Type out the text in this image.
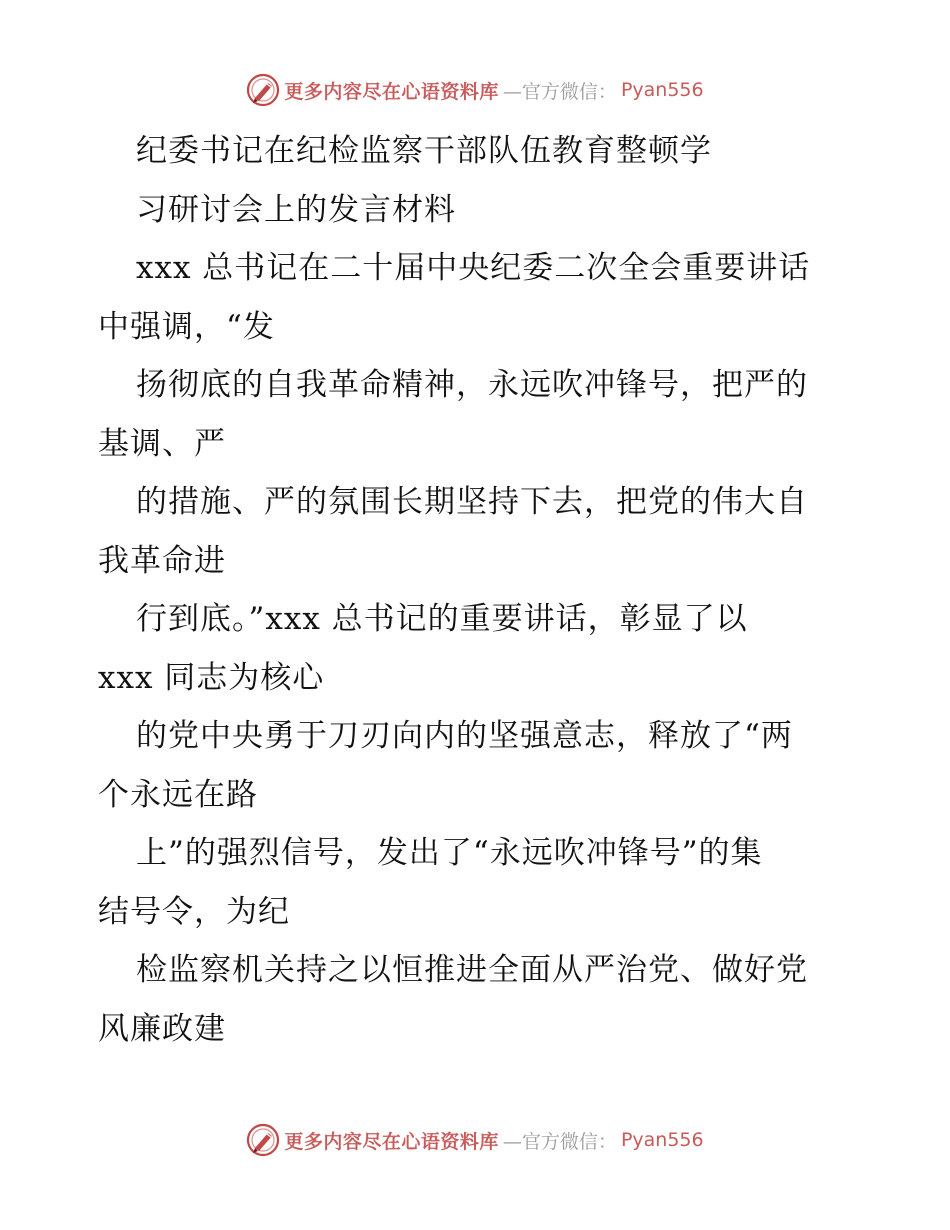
更多内容尽在心语资料库 —官方微信： Pyan556
纪委书记在纪检监察干部队伍教育整顿学
习研讨会上的发言材料
xxx 总书记在二十届中央纪委二次全会重要讲话
中强调，“发
扬彻底的自我革命精神，永远吹冲锋号，把严的
基调、严
的措施、严的氛围长期坚持下去，把党的伟大自
我革命进
行到底。”xxx 总书记的重要讲话，彰显了以
xxx 同志为核心
的党中央勇于刀刃向内的坚强意志，释放了“两
个永远在路
上”的强烈信号，发出了“永远吹冲锋号”的集
结号令，为纪
检监察机关持之以恒推进全面从严治党、做好党
风廉政建
更多内容尽在心语资料库 —官方微信： Pyan556
